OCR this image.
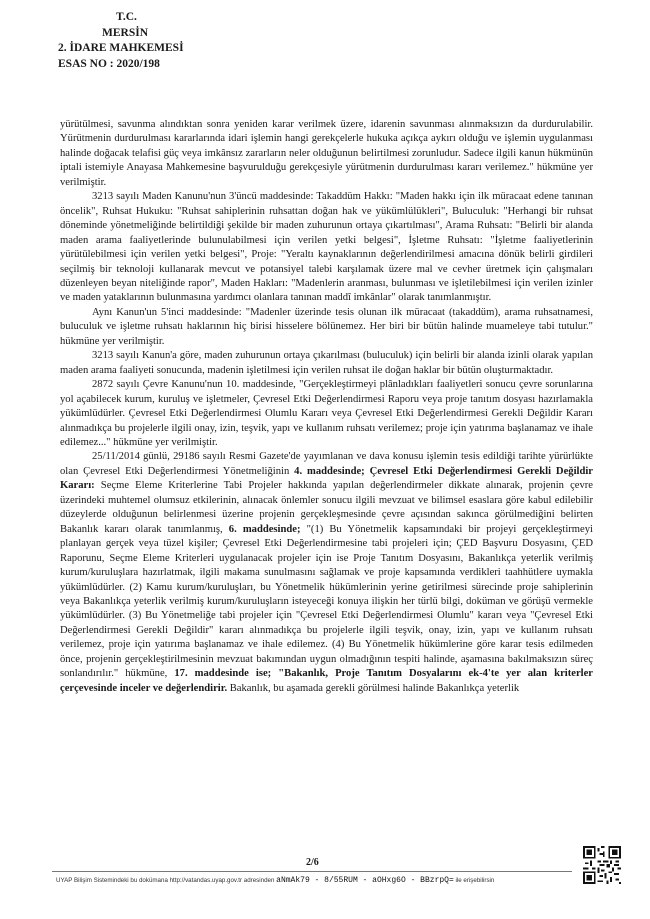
T.C.
MERSİN
2. İDARE MAHKEMESİ
ESAS NO : 2020/198

yürütülmesi, savunma alındıktan sonra yeniden karar verilmek üzere, idarenin savunması alınmaksızın da durdurulabilir. Yürütmenin durdurulması kararlarında idari işlemin hangi gerekçelerle hukuka açıkça aykırı olduğu ve işlemin uygulanması halinde doğacak telafisi güç veya imkânsız zararların neler olduğunun belirtilmesi zorunludur. Sadece ilgili kanun hükmünün iptali istemiyle Anayasa Mahkemesine başvurulduğu gerekçesiyle yürütmenin durdurulması kararı verilemez." hükmüne yer verilmiştir.

3213 sayılı Maden Kanunu'nun 3'üncü maddesinde: Takaddüm Hakkı: "Maden hakkı için ilk müracaat edene tanınan öncelik", Ruhsat Hukuku: "Ruhsat sahiplerinin ruhsattan doğan hak ve yükümlülükleri", Buluculuk: "Herhangi bir ruhsat döneminde yönetmeliğinde belirtildiği şekilde bir maden zuhurunun ortaya çıkartılması", Arama Ruhsatı: "Belirli bir alanda maden arama faaliyetlerinde bulunulabilmesi için verilen yetki belgesi", İşletme Ruhsatı: "İşletme faaliyetlerinin yürütülebilmesi için verilen yetki belgesi", Proje: "Yeraltı kaynaklarının değerlendirilmesi amacına dönük belirli girdileri seçilmiş bir teknoloji kullanarak mevcut ve potansiyel talebi karşılamak üzere mal ve cevher üretmek için çalışmaları düzenleyen beyan niteliğinde rapor", Maden Hakları: "Madenlerin aranması, bulunması ve işletilebilmesi için verilen izinler ve maden yataklarının bulunmasına yardımcı olanlara tanınan maddî imkânlar" olarak tanımlanmıştır.

Aynı Kanun'un 5'inci maddesinde: "Madenler üzerinde tesis olunan ilk müracaat (takaddüm), arama ruhsatnamesi, buluculuk ve işletme ruhsatı haklarının hiç birisi hisselere bölünemez. Her biri bir bütün halinde muameleye tabi tutulur." hükmüne yer verilmiştir.

3213 sayılı Kanun'a göre, maden zuhurunun ortaya çıkarılması (buluculuk) için belirli bir alanda izinli olarak yapılan maden arama faaliyeti sonucunda, madenin işletilmesi için verilen ruhsat ile doğan haklar bir bütün oluşturmaktadır.

2872 sayılı Çevre Kanunu'nun 10. maddesinde, "Gerçekleştirmeyi plânladıkları faaliyetleri sonucu çevre sorunlarına yol açabilecek kurum, kuruluş ve işletmeler, Çevresel Etki Değerlendirmesi Raporu veya proje tanıtım dosyası hazırlamakla yükümlüdürler. Çevresel Etki Değerlendirmesi Olumlu Kararı veya Çevresel Etki Değerlendirmesi Gerekli Değildir Kararı alınmadıkça bu projelerle ilgili onay, izin, teşvik, yapı ve kullanım ruhsatı verilemez; proje için yatırıma başlanamaz ve ihale edilemez..." hükmüne yer verilmiştir.

25/11/2014 günlü, 29186 sayılı Resmi Gazete'de yayımlanan ve dava konusu işlemin tesis edildiği tarihte yürürlükte olan Çevresel Etki Değerlendirmesi Yönetmeliğinin 4. maddesinde; Çevresel Etki Değerlendirmesi Gerekli Değildir Kararı: Seçme Eleme Kriterlerine Tabi Projeler hakkında yapılan değerlendirmeler dikkate alınarak, projenin çevre üzerindeki muhtemel olumsuz etkilerinin, alınacak önlemler sonucu ilgili mevzuat ve bilimsel esaslara göre kabul edilebilir düzeylerde olduğunun belirlenmesi üzerine projenin gerçekleşmesinde çevre açısından sakınca görülmediğini belirten Bakanlık kararı olarak tanımlanmış, 6. maddesinde; "(1) Bu Yönetmelik kapsamındaki bir projeyi gerçekleştirmeyi planlayan gerçek veya tüzel kişiler; Çevresel Etki Değerlendirmesine tabi projeleri için; ÇED Başvuru Dosyasını, ÇED Raporunu, Seçme Eleme Kriterleri uygulanacak projeler için ise Proje Tanıtım Dosyasını, Bakanlıkça yeterlik verilmiş kurum/kuruluşlara hazırlatmak, ilgili makama sunulmasını sağlamak ve proje kapsamında verdikleri taahhütlere uymakla yükümlüdürler. (2) Kamu kurum/kuruluşları, bu Yönetmelik hükümlerinin yerine getirilmesi sürecinde proje sahiplerinin veya Bakanlıkça yeterlik verilmiş kurum/kuruluşların isteyeceği konuya ilişkin her türlü bilgi, doküman ve görüşü vermekle yükümlüdürler. (3) Bu Yönetmeliğe tabi projeler için "Çevresel Etki Değerlendirmesi Olumlu" kararı veya "Çevresel Etki Değerlendirmesi Gerekli Değildir" kararı alınmadıkça bu projelerle ilgili teşvik, onay, izin, yapı ve kullanım ruhsatı verilemez, proje için yatırıma başlanamaz ve ihale edilemez. (4) Bu Yönetmelik hükümlerine göre karar tesis edilmeden önce, projenin gerçekleştirilmesinin mevzuat bakımından uygun olmadığının tespiti halinde, aşamasına bakılmaksızın süreç sonlandırılır." hükmüne, 17. maddesinde ise; "Bakanlık, Proje Tanıtım Dosyalarını ek-4'te yer alan kriterler çerçevesinde inceler ve değerlendirir. Bakanlık, bu aşamada gerekli görülmesi halinde Bakanlıkça yeterlik

2/6
UYAP Bilişim Sistemindeki bu dokümana http://vatandas.uyap.gov.tr adresinden aNmAk79 - 8/55RUM - aOHxg6O - BBzrpQ= ile erişebilirsin
